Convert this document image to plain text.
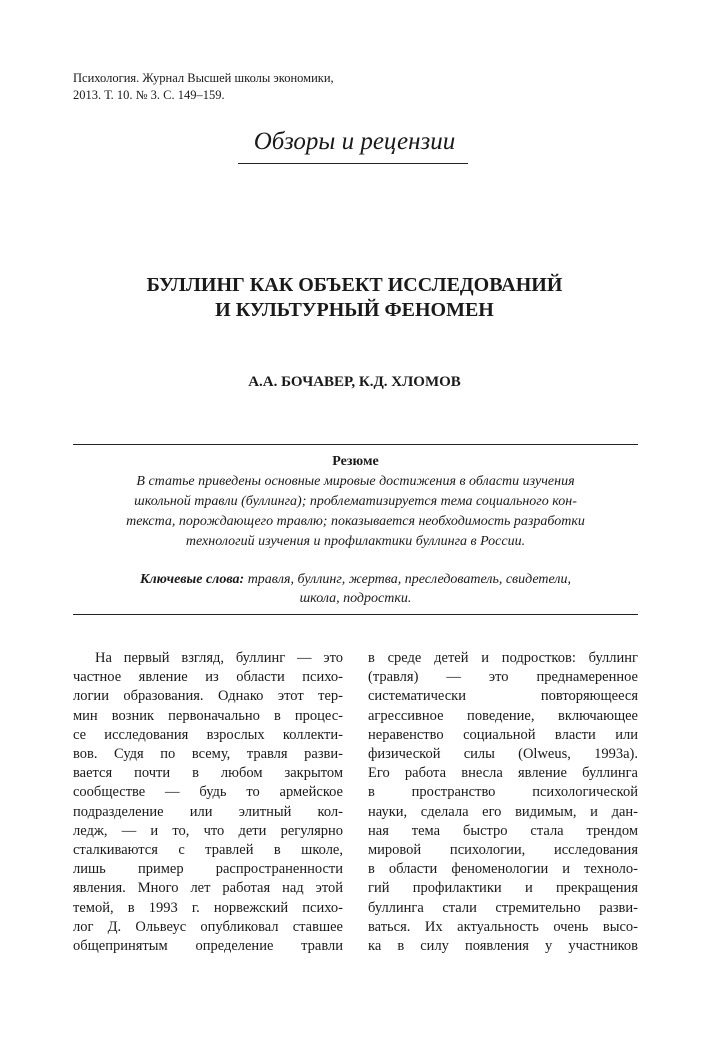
Психология. Журнал Высшей школы экономики,
2013. Т. 10. № 3. С. 149–159.
Обзоры и рецензии
БУЛЛИНГ КАК ОБЪЕКТ ИССЛЕДОВАНИЙ
И КУЛЬТУРНЫЙ ФЕНОМЕН
А.А. БОЧАВЕР, К.Д. ХЛОМОВ
Резюме
В статье приведены основные мировые достижения в области изучения
школьной травли (буллинга); проблематизируется тема социального кон-
текста, порождающего травлю; показывается необходимость разработки
технологий изучения и профилактики буллинга в России.
Ключевые слова: травля, буллинг, жертва, преследователь, свидетели,
школа, подростки.
На первый взгляд, буллинг — это
частное явление из области психо-
логии образования. Однако этот тер-
мин возник первоначально в процес-
се исследования взрослых коллекти-
вов. Судя по всему, травля разви-
вается почти в любом закрытом
сообществе — будь то армейское
подразделение или элитный кол-
ледж, — и то, что дети регулярно
сталкиваются с травлей в школе,
лишь пример распространенности
явления. Много лет работая над этой
темой, в 1993 г. норвежский психо-
лог Д. Ольвеус опубликовал ставшее
общепринятым определение травли
в среде детей и подростков: буллинг
(травля) — это преднамеренное
систематически повторяющееся
агрессивное поведение, включающее
неравенство социальной власти или
физической силы (Olweus, 1993a).
Его работа внесла явление буллинга
в пространство психологической
науки, сделала его видимым, и дан-
ная тема быстро стала трендом
мировой психологии, исследования
в области феноменологии и техноло-
гий профилактики и прекращения
буллинга стали стремительно разви-
ваться. Их актуальность очень высо-
ка в силу появления у участников
